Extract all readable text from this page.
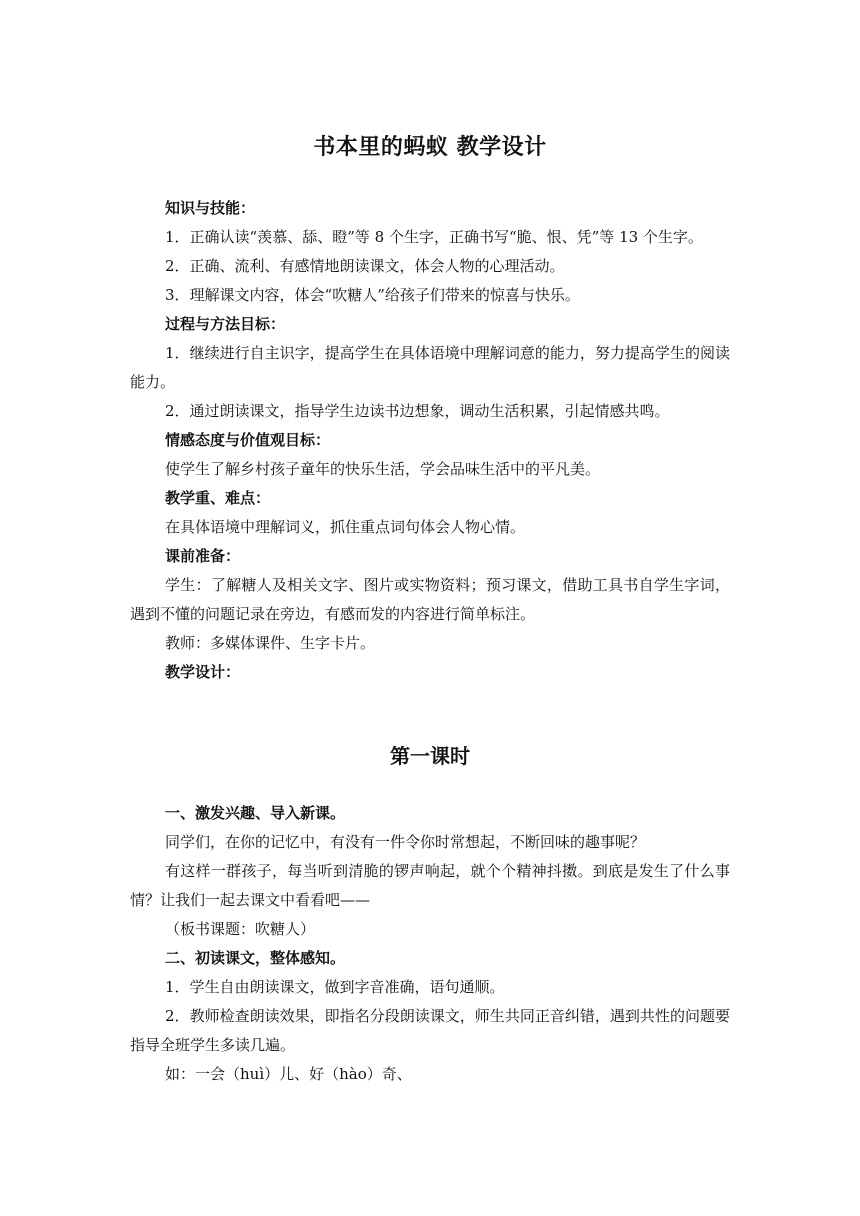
书本里的蚂蚁 教学设计

知识与技能：

1．正确认读“羡慕、舔、瞪”等 8 个生字，正确书写“脆、恨、凭”等 13 个生字。

2．正确、流利、有感情地朗读课文，体会人物的心理活动。

3．理解课文内容，体会“吹糖人”给孩子们带来的惊喜与快乐。

过程与方法目标：

1．继续进行自主识字，提高学生在具体语境中理解词意的能力，努力提高学生的阅读能力。

2．通过朗读课文，指导学生边读书边想象，调动生活积累，引起情感共鸣。

情感态度与价值观目标：

使学生了解乡村孩子童年的快乐生活，学会品味生活中的平凡美。

教学重、难点：

在具体语境中理解词义，抓住重点词句体会人物心情。

课前准备：

学生：了解糖人及相关文字、图片或实物资料；预习课文，借助工具书自学生字词，遇到不懂的问题记录在旁边，有感而发的内容进行简单标注。

教师：多媒体课件、生字卡片。

教学设计：

第一课时

一、激发兴趣、导入新课。

同学们，在你的记忆中，有没有一件令你时常想起，不断回味的趣事呢？

有这样一群孩子，每当听到清脆的锣声响起，就个个精神抖擞。到底是发生了什么事情？让我们一起去课文中看看吧——

（板书课题：吹糖人）

二、初读课文，整体感知。

1．学生自由朗读课文，做到字音准确，语句通顺。

2．教师检查朗读效果，即指名分段朗读课文，师生共同正音纠错，遇到共性的问题要指导全班学生多读几遍。

如：一会（huì）儿、好（hào）奇、
